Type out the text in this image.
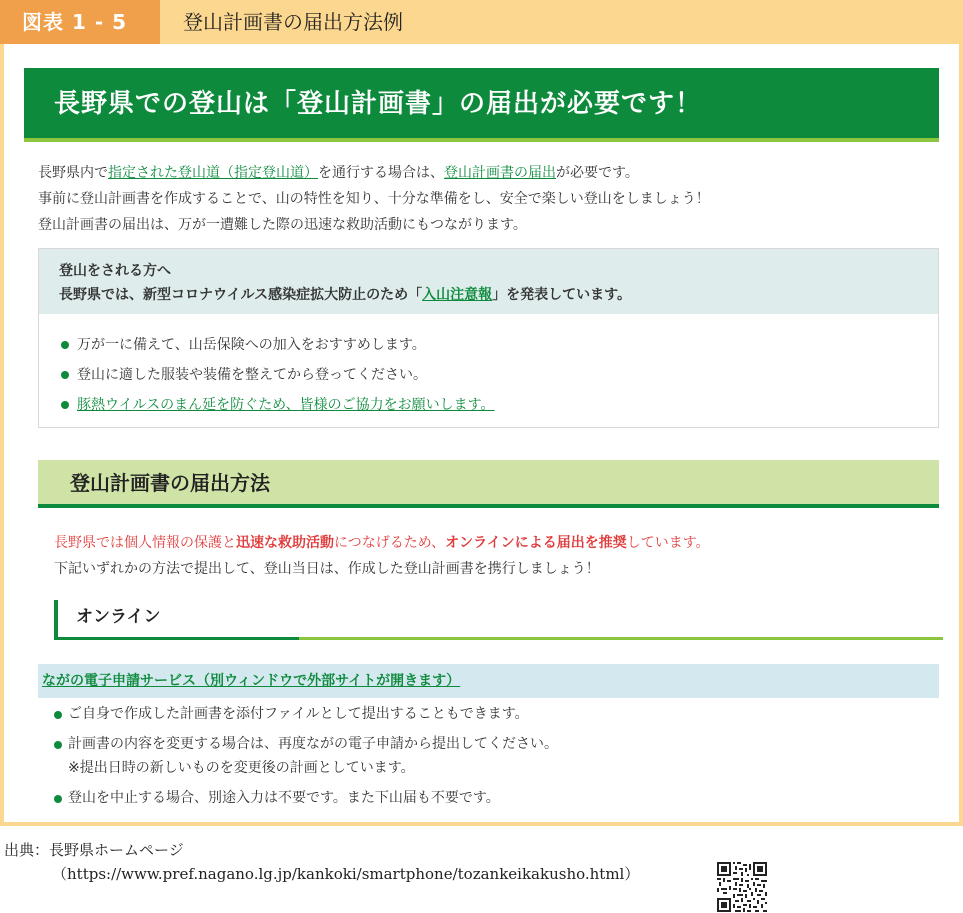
図表 1 - 5	登山計画書の届出方法例
長野県での登山は「登山計画書」の届出が必要です！
長野県内で指定された登山道（指定登山道）を通行する場合は、登山計画書の届出が必要です。
事前に登山計画書を作成することで、山の特性を知り、十分な準備をし、安全で楽しい登山をしましょう！
登山計画書の届出は、万が一遭難した際の迅速な救助活動にもつながります。
登山をされる方へ
長野県では、新型コロナウイルス感染症拡大防止のため「入山注意報」を発表しています。
万が一に備えて、山岳保険への加入をおすすめします。
登山に適した服装や装備を整えてから登ってください。
豚熱ウイルスのまん延を防ぐため、皆様のご協力をお願いします。
登山計画書の届出方法
長野県では個人情報の保護と迅速な救助活動につなげるため、オンラインによる届出を推奨しています。
下記いずれかの方法で提出して、登山当日は、作成した登山計画書を携行しましょう！
オンライン
ながの電子申請サービス（別ウィンドウで外部サイトが開きます）
ご自身で作成した計画書を添付ファイルとして提出することもできます。
計画書の内容を変更する場合は、再度ながの電子申請から提出してください。
※提出日時の新しいものを変更後の計画としています。
登山を中止する場合、別途入力は不要です。また下山届も不要です。
出典：長野県ホームページ
（https://www.pref.nagano.lg.jp/kankoki/smartphone/tozankeikakusho.html）
